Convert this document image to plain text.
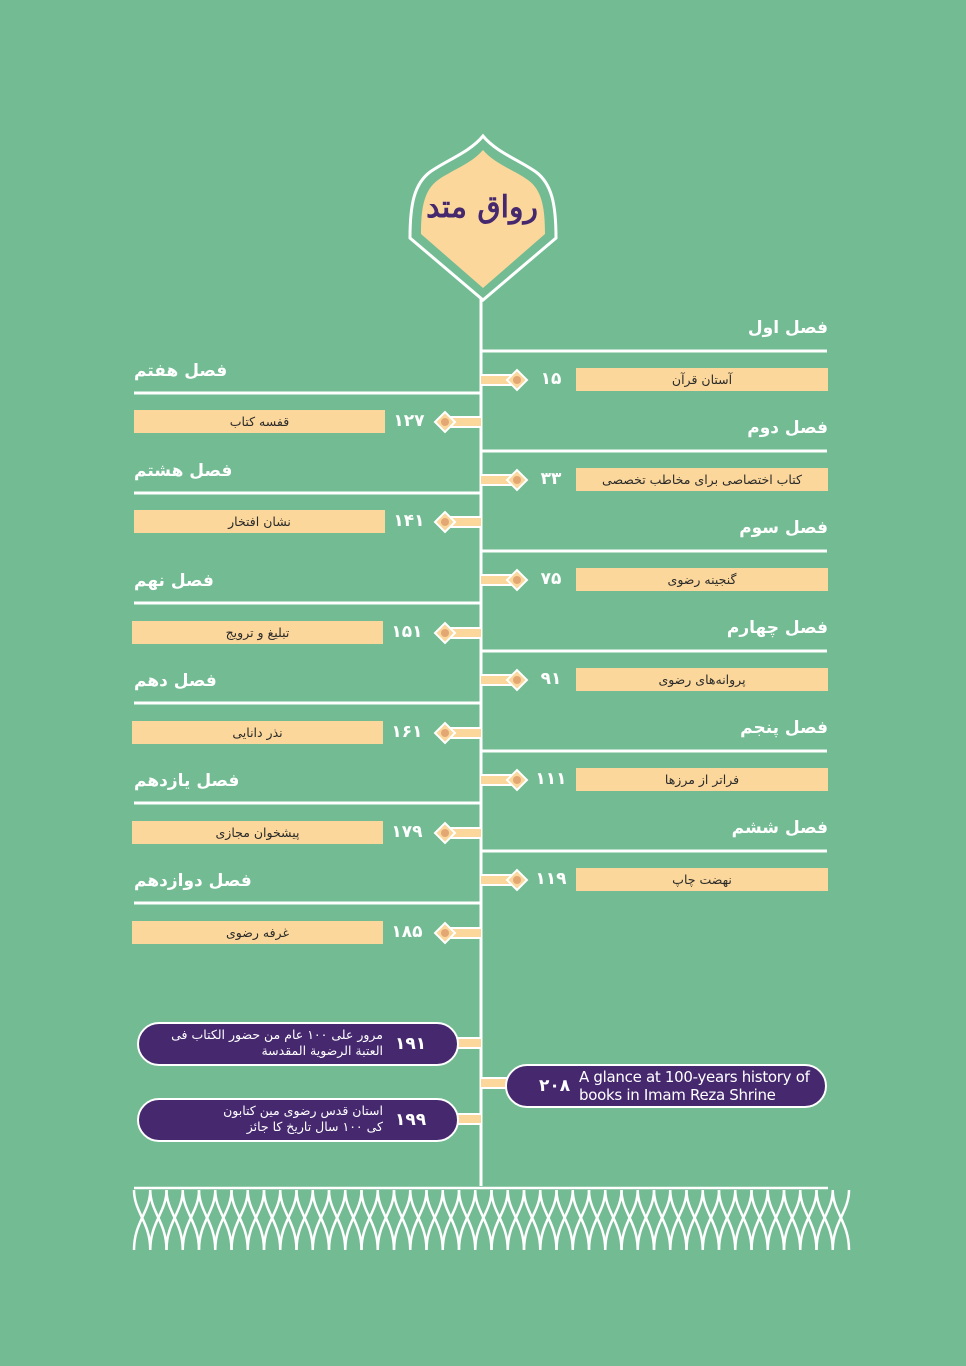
رواق متد
فصل اول
۱۵	آستان قرآن
فصل دوم
۳۳	کتاب اختصاصی برای مخاطب تخصصی
فصل سوم
۷۵	گنجینه رضوی
فصل چهارم
۹۱	پروانه‌های رضوی
فصل پنجم
۱۱۱	فراتر از مرزها
فصل ششم
۱۱۹	نهضت چاپ
فصل هفتم
قفسه کتاب	۱۲۷
فصل هشتم
نشان افتخار	۱۴۱
فصل نهم
تبلیغ و ترویج	۱۵۱
فصل دهم
نذر دانایی	۱۶۱
فصل یازدهم
پیشخوان مجازی	۱۷۹
فصل دوازدهم
غرفه رضوی	۱۸۵
مرور علی ۱۰۰ عام من حضور الکتاب فی
العتبة الرضویة المقدسة	۱۹۱
استان قدس رضوی مین کتابون
کی ۱۰۰ سال تاریخ کا جائز	۱۹۹
۲۰۸ A glance at 100-years history of
books in Imam Reza Shrine
